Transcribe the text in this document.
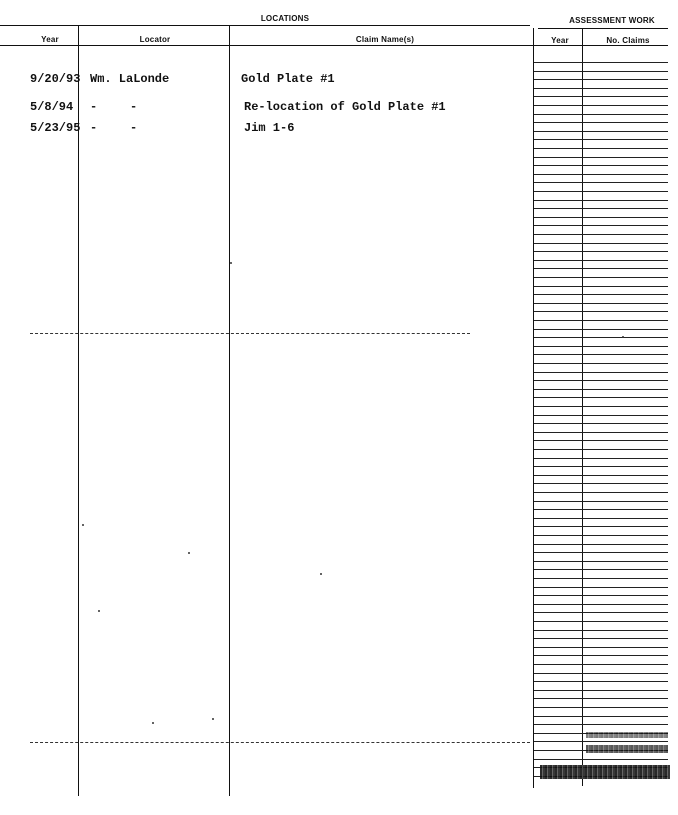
LOCATIONS	ASSESSMENT WORK
Year	Locator	Claim Name(s)	Year	No. Claims
9/20/93 Wm. LaLonde	Gold Plate #1
5/8/94 -	-	Re-location of Gold Plate #1
5/23/95 -	-	Jim 1-6
